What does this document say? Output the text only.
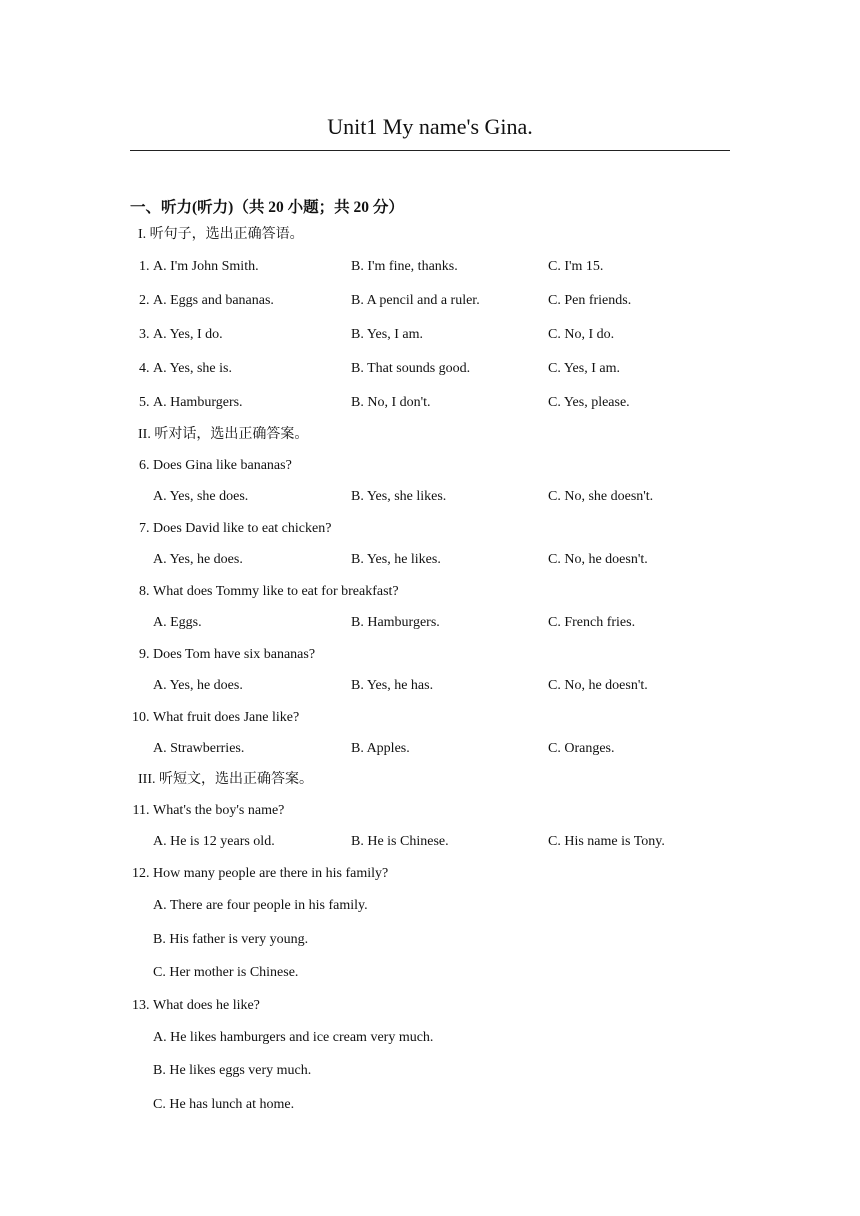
Unit1 My name's Gina.
一、听力(听力)（共 20 小题；共 20 分）
I. 听句子，选出正确答语。
1. A. I'm John Smith.	B. I'm fine, thanks.	C. I'm 15.
2. A. Eggs and bananas.	B. A pencil and a ruler.	C. Pen friends.
3. A. Yes, I do.	B. Yes, I am.	C. No, I do.
4. A. Yes, she is.	B. That sounds good.	C. Yes, I am.
5. A. Hamburgers.	B. No, I don't.	C. Yes, please.
II. 听对话，选出正确答案。
6. Does Gina like bananas?
A. Yes, she does.	B. Yes, she likes.	C. No, she doesn't.
7. Does David like to eat chicken?
A. Yes, he does.	B. Yes, he likes.	C. No, he doesn't.
8. What does Tommy like to eat for breakfast?
A. Eggs.	B. Hamburgers.	C. French fries.
9. Does Tom have six bananas?
A. Yes, he does.	B. Yes, he has.	C. No, he doesn't.
10. What fruit does Jane like?
A. Strawberries.	B. Apples.	C. Oranges.
III. 听短文，选出正确答案。
11. What's the boy's name?
A. He is 12 years old.	B. He is Chinese.	C. His name is Tony.
12. How many people are there in his family?
A. There are four people in his family.
B. His father is very young.
C. Her mother is Chinese.
13. What does he like?
A. He likes hamburgers and ice cream very much.
B. He likes eggs very much.
C. He has lunch at home.
